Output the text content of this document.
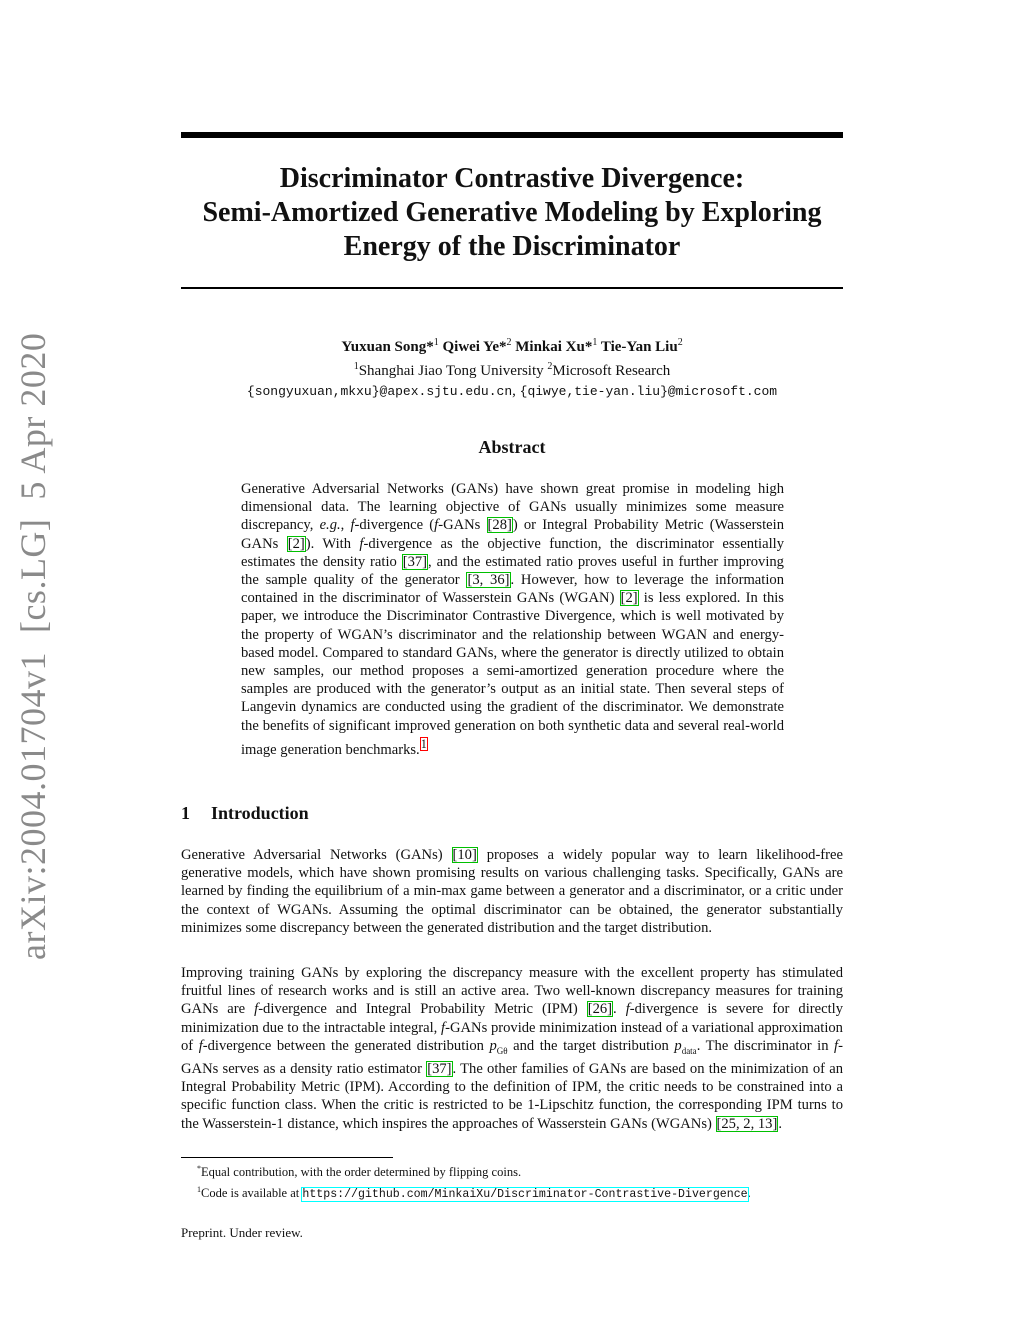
arXiv:2004.01704v1  [cs.LG]  5 Apr 2020
Discriminator Contrastive Divergence:
Semi-Amortized Generative Modeling by Exploring
Energy of the Discriminator
Yuxuan Song*$^1$ Qiwei Ye*$^2$ Minkai Xu*$^1$ Tie-Yan Liu$^2$
$^1$Shanghai Jiao Tong University $^2$Microsoft Research
{songyuxuan,mkxu}@apex.sjtu.edu.cn, {qiwye,tie-yan.liu}@microsoft.com
Abstract
Generative Adversarial Networks (GANs) have shown great promise in modeling high dimensional data. The learning objective of GANs usually minimizes some measure discrepancy, e.g., f-divergence (f-GANs [28]) or Integral Probability Metric (Wasserstein GANs [2]). With f-divergence as the objective function, the discriminator essentially estimates the density ratio [37], and the estimated ratio proves useful in further improving the sample quality of the generator [3, 36]. However, how to leverage the information contained in the discriminator of Wasserstein GANs (WGAN) [2] is less explored. In this paper, we introduce the Discriminator Contrastive Divergence, which is well motivated by the property of WGAN’s discriminator and the relationship between WGAN and energy-based model. Compared to standard GANs, where the generator is directly utilized to obtain new samples, our method proposes a semi-amortized generation procedure where the samples are produced with the generator’s output as an initial state. Then several steps of Langevin dynamics are conducted using the gradient of the discriminator. We demonstrate the benefits of significant improved generation on both synthetic data and several real-world image generation benchmarks.$^1$
1 Introduction
Generative Adversarial Networks (GANs) [10] proposes a widely popular way to learn likelihood-free generative models, which have shown promising results on various challenging tasks. Specifically, GANs are learned by finding the equilibrium of a min-max game between a generator and a discriminator, or a critic under the context of WGANs. Assuming the optimal discriminator can be obtained, the generator substantially minimizes some discrepancy between the generated distribution and the target distribution.
Improving training GANs by exploring the discrepancy measure with the excellent property has stimulated fruitful lines of research works and is still an active area. Two well-known discrepancy measures for training GANs are f-divergence and Integral Probability Metric (IPM) [26]. f-divergence is severe for directly minimization due to the intractable integral, f-GANs provide minimization instead of a variational approximation of f-divergence between the generated distribution $p_{G\theta}$ and the target distribution $p_{data}$. The discriminator in f-GANs serves as a density ratio estimator [37]. The other families of GANs are based on the minimization of an Integral Probability Metric (IPM). According to the definition of IPM, the critic needs to be constrained into a specific function class. When the critic is restricted to be 1-Lipschitz function, the corresponding IPM turns to the Wasserstein-1 distance, which inspires the approaches of Wasserstein GANs (WGANs) [25, 2, 13].
*Equal contribution, with the order determined by flipping coins.
$^1$Code is available at https://github.com/MinkaiXu/Discriminator-Contrastive-Divergence.
Preprint. Under review.
